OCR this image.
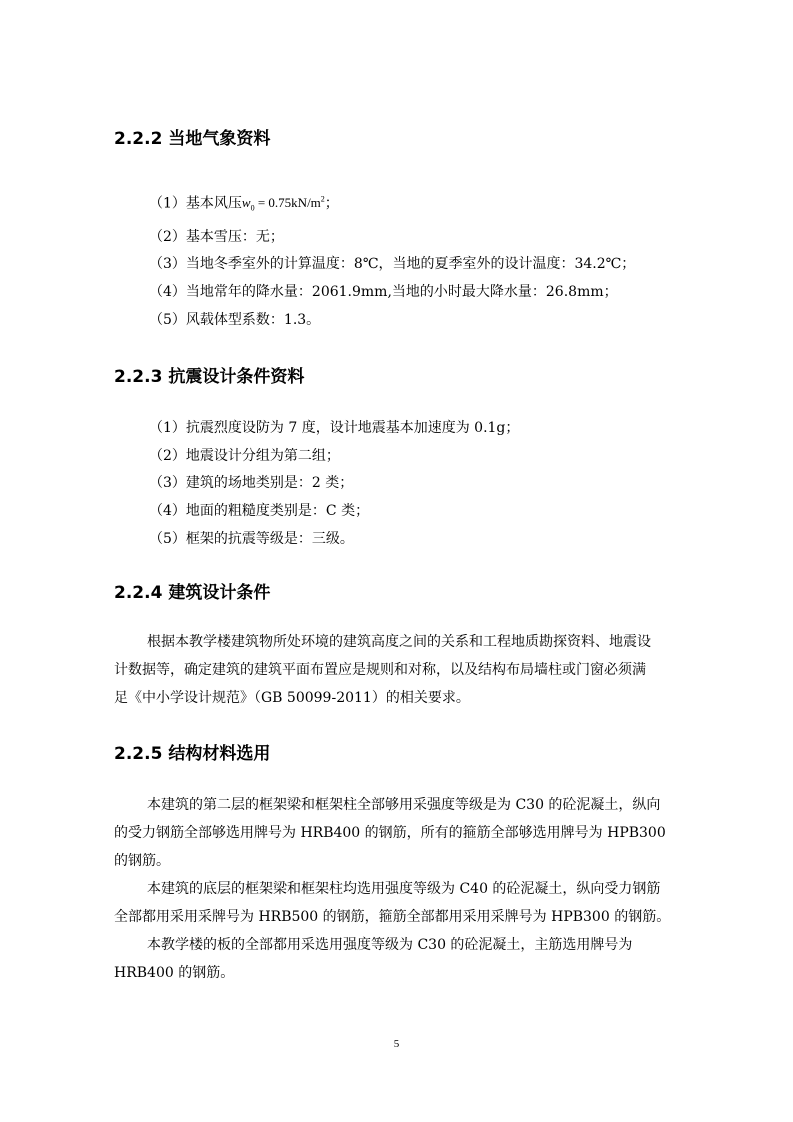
2.2.2 当地气象资料
（1）基本风压$w_0 = 0.75kN/m^2$；
（2）基本雪压：无；
（3）当地冬季室外的计算温度：8℃，当地的夏季室外的设计温度：34.2℃；
（4）当地常年的降水量：2061.9mm,当地的小时最大降水量：26.8mm；
（5）风载体型系数：1.3。
2.2.3 抗震设计条件资料
（1）抗震烈度设防为 7 度，设计地震基本加速度为 0.1g；
（2）地震设计分组为第二组；
（3）建筑的场地类别是：2 类；
（4）地面的粗糙度类别是：C 类；
（5）框架的抗震等级是：三级。
2.2.4 建筑设计条件
根据本教学楼建筑物所处环境的建筑高度之间的关系和工程地质勘探资料、地震设
计数据等，确定建筑的建筑平面布置应是规则和对称，以及结构布局墙柱或门窗必须满
足《中小学设计规范》（GB 50099-2011）的相关要求。
2.2.5 结构材料选用
本建筑的第二层的框架梁和框架柱全部够用采强度等级是为 C30 的砼泥凝土，纵向
的受力钢筋全部够选用牌号为 HRB400 的钢筋，所有的箍筋全部够选用牌号为 HPB300
的钢筋。
本建筑的底层的框架梁和框架柱均选用强度等级为 C40 的砼泥凝土，纵向受力钢筋
全部都用采用采牌号为 HRB500 的钢筋，箍筋全部都用采用采牌号为 HPB300 的钢筋。
本教学楼的板的全部都用采选用强度等级为 C30 的砼泥凝土，主筋选用牌号为
HRB400 的钢筋。
5
